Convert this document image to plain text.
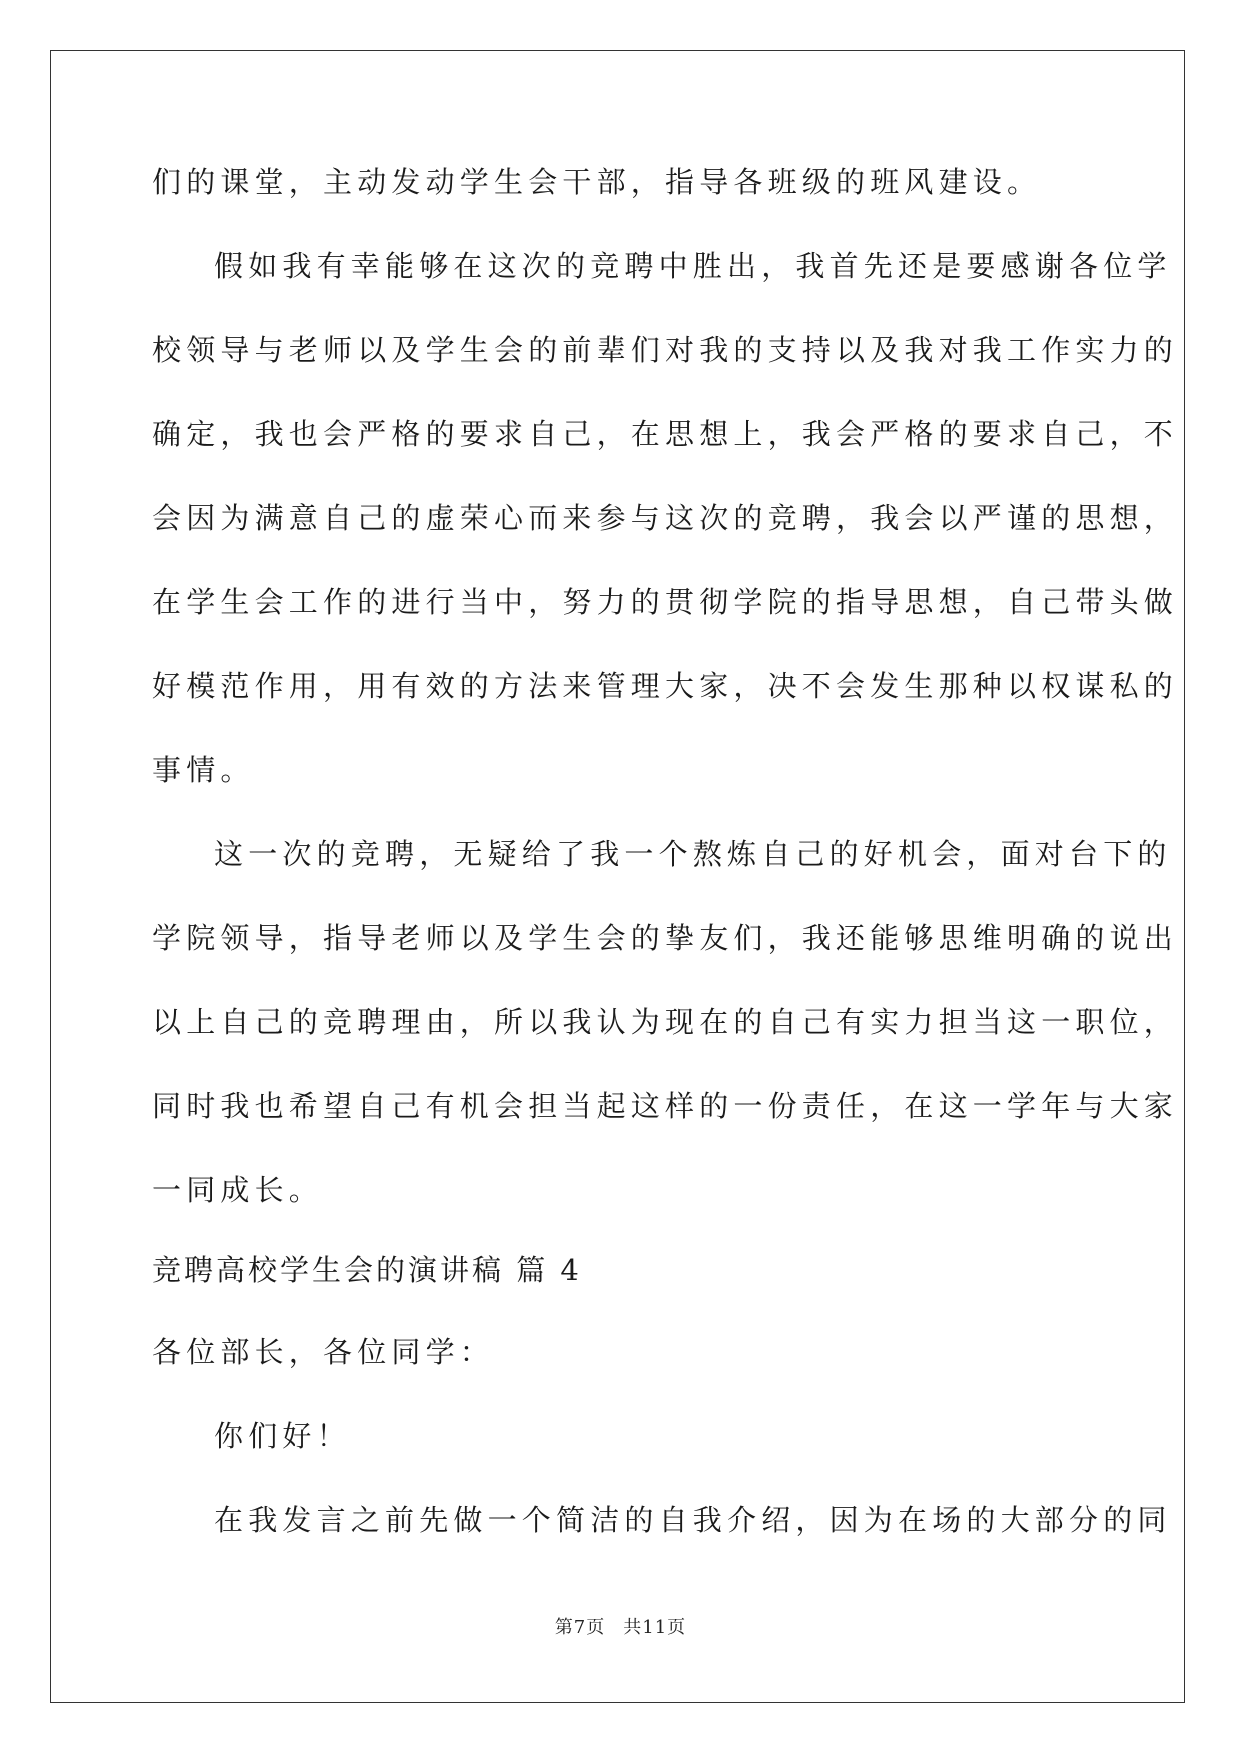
们的课堂，主动发动学生会干部，指导各班级的班风建设。
假如我有幸能够在这次的竞聘中胜出，我首先还是要感谢各位学
校领导与老师以及学生会的前辈们对我的支持以及我对我工作实力的
确定，我也会严格的要求自己，在思想上，我会严格的要求自己，不
会因为满意自己的虚荣心而来参与这次的竞聘，我会以严谨的思想，
在学生会工作的进行当中，努力的贯彻学院的指导思想，自己带头做
好模范作用，用有效的方法来管理大家，决不会发生那种以权谋私的
事情。
这一次的竞聘，无疑给了我一个熬炼自己的好机会，面对台下的
学院领导，指导老师以及学生会的挚友们，我还能够思维明确的说出
以上自己的竞聘理由，所以我认为现在的自己有实力担当这一职位，
同时我也希望自己有机会担当起这样的一份责任，在这一学年与大家
一同成长。
竞聘高校学生会的演讲稿 篇 4
各位部长，各位同学：
你们好！
在我发言之前先做一个简洁的自我介绍，因为在场的大部分的同
第7页 共11页
